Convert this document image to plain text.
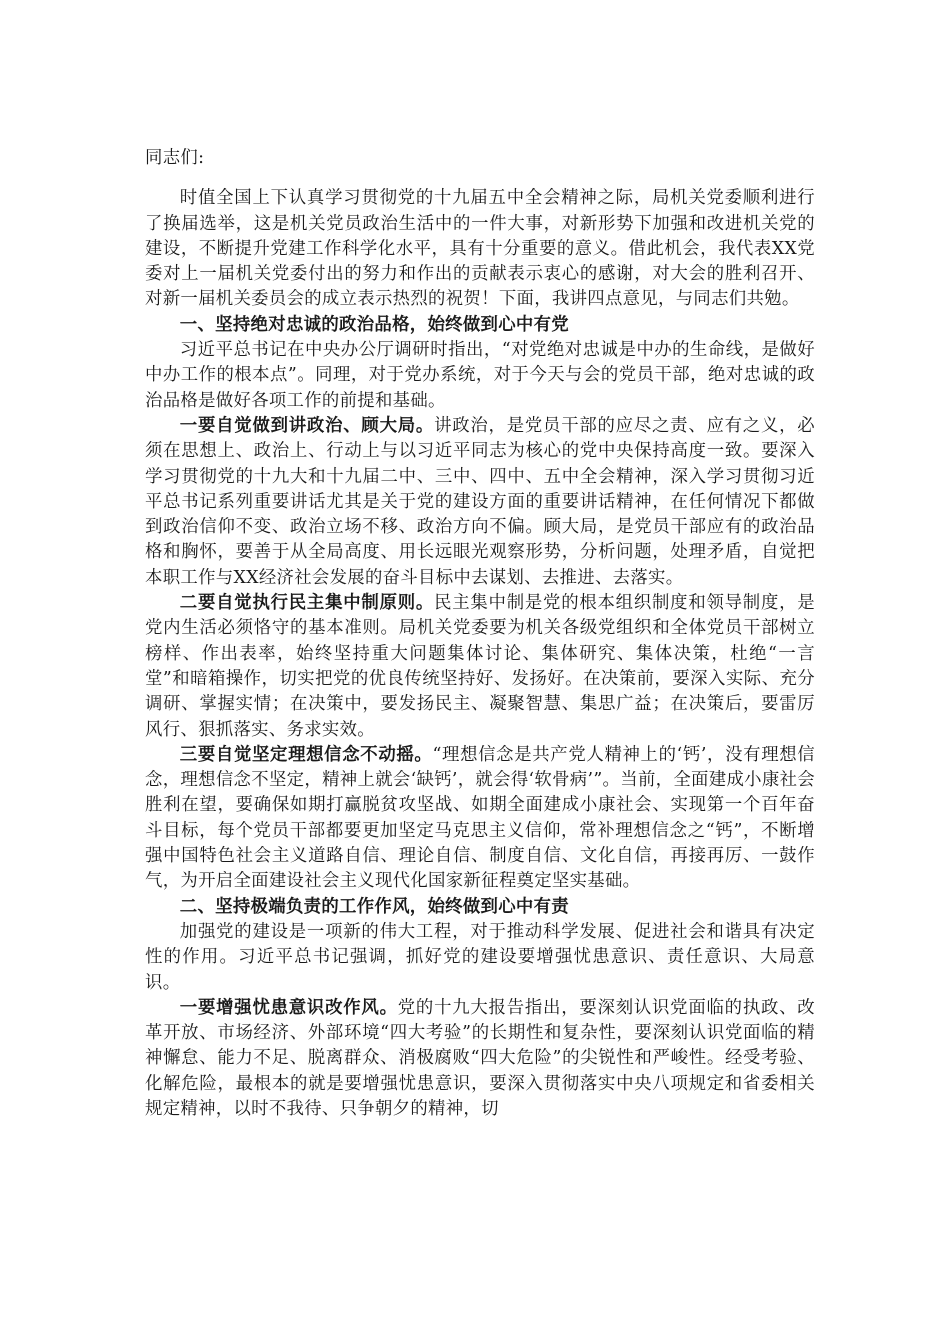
同志们:

时值全国上下认真学习贯彻党的十九届五中全会精神之际，局机关党委顺利进行了换届选举，这是机关党员政治生活中的一件大事，对新形势下加强和改进机关党的建设，不断提升党建工作科学化水平，具有十分重要的意义。借此机会，我代表XX党委对上一届机关党委付出的努力和作出的贡献表示衷心的感谢，对大会的胜利召开、对新一届机关委员会的成立表示热烈的祝贺！下面，我讲四点意见，与同志们共勉。

一、坚持绝对忠诚的政治品格，始终做到心中有党

习近平总书记在中央办公厅调研时指出，“对党绝对忠诚是中办的生命线，是做好中办工作的根本点”。同理，对于党办系统，对于今天与会的党员干部，绝对忠诚的政治品格是做好各项工作的前提和基础。

一要自觉做到讲政治、顾大局。讲政治，是党员干部的应尽之责、应有之义，必须在思想上、政治上、行动上与以习近平同志为核心的党中央保持高度一致。要深入学习贯彻党的十九大和十九届二中、三中、四中、五中全会精神，深入学习贯彻习近平总书记系列重要讲话尤其是关于党的建设方面的重要讲话精神，在任何情况下都做到政治信仰不变、政治立场不移、政治方向不偏。顾大局，是党员干部应有的政治品格和胸怀，要善于从全局高度、用长远眼光观察形势，分析问题，处理矛盾，自觉把本职工作与XX经济社会发展的奋斗目标中去谋划、去推进、去落实。

二要自觉执行民主集中制原则。民主集中制是党的根本组织制度和领导制度，是党内生活必须恪守的基本准则。局机关党委要为机关各级党组织和全体党员干部树立榜样、作出表率，始终坚持重大问题集体讨论、集体研究、集体决策，杜绝“一言堂”和暗箱操作，切实把党的优良传统坚持好、发扬好。在决策前，要深入实际、充分调研、掌握实情；在决策中，要发扬民主、凝聚智慧、集思广益；在决策后，要雷厉风行、狠抓落实、务求实效。

三要自觉坚定理想信念不动摇。“理想信念是共产党人精神上的‘钙’，没有理想信念，理想信念不坚定，精神上就会‘缺钙’，就会得‘软骨病’”。当前，全面建成小康社会胜利在望，要确保如期打赢脱贫攻坚战、如期全面建成小康社会、实现第一个百年奋斗目标，每个党员干部都要更加坚定马克思主义信仰，常补理想信念之“钙”，不断增强中国特色社会主义道路自信、理论自信、制度自信、文化自信，再接再厉、一鼓作气，为开启全面建设社会主义现代化国家新征程奠定坚实基础。

二、坚持极端负责的工作作风，始终做到心中有责

加强党的建设是一项新的伟大工程，对于推动科学发展、促进社会和谐具有决定性的作用。习近平总书记强调，抓好党的建设要增强忧患意识、责任意识、大局意识。

一要增强忧患意识改作风。党的十九大报告指出，要深刻认识党面临的执政、改革开放、市场经济、外部环境“四大考验”的长期性和复杂性，要深刻认识党面临的精神懈怠、能力不足、脱离群众、消极腐败“四大危险”的尖锐性和严峻性。经受考验、化解危险，最根本的就是要增强忧患意识，要深入贯彻落实中央八项规定和省委相关规定精神，以时不我待、只争朝夕的精神，切
